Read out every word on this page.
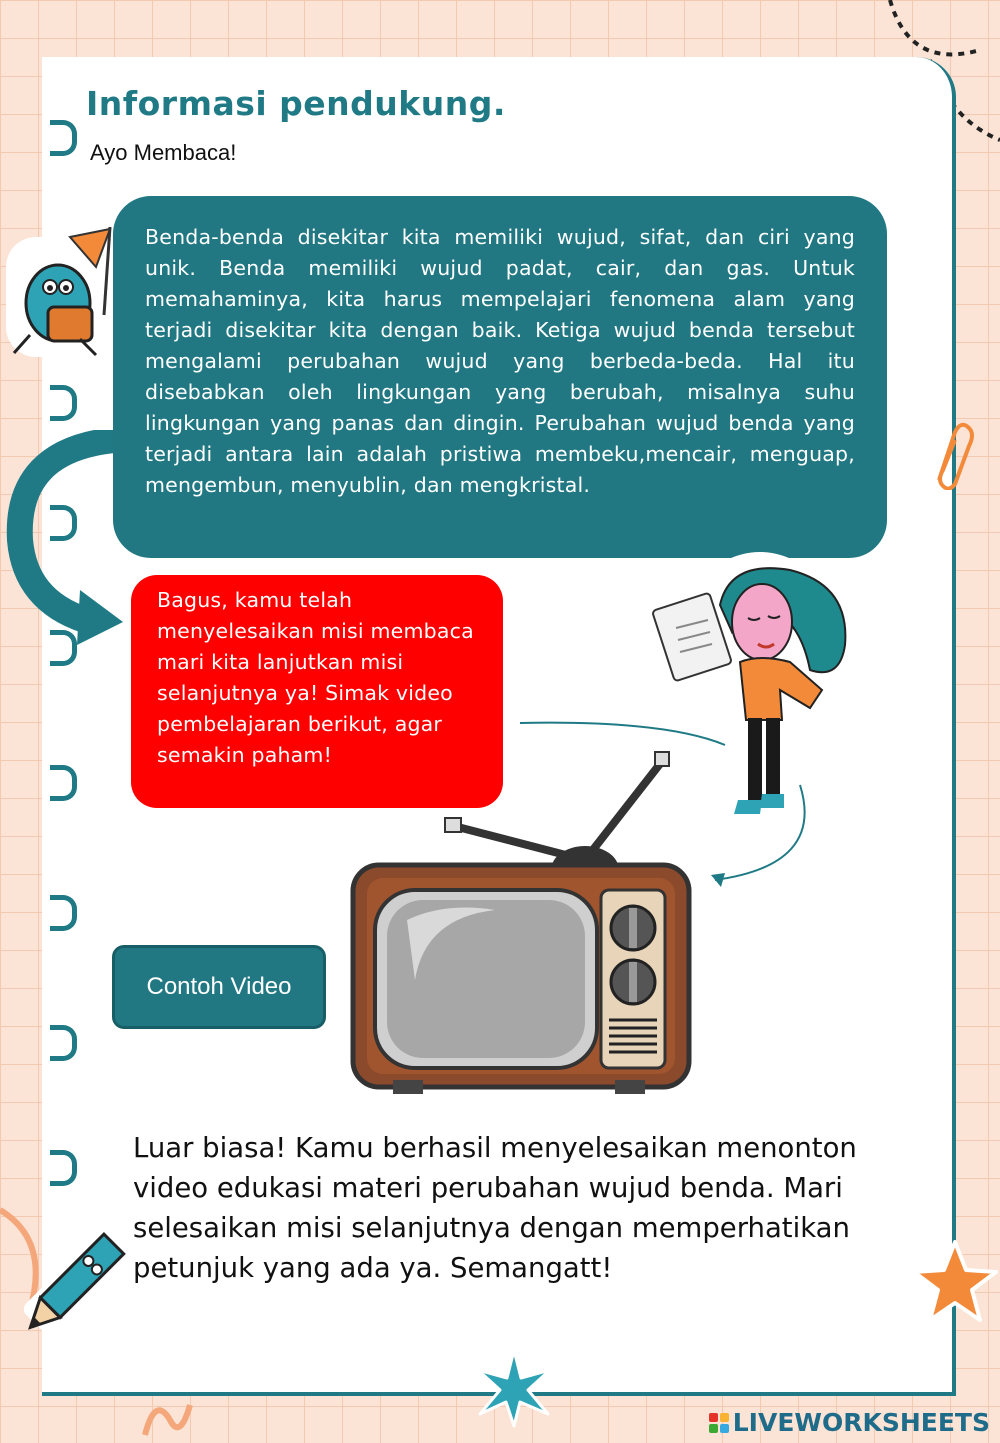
Informasi pendukung.
Ayo Membaca!

Benda-benda disekitar kita memiliki wujud, sifat, dan ciri yang unik. Benda memiliki wujud padat, cair, dan gas. Untuk memahaminya, kita harus mempelajari fenomena alam yang terjadi disekitar kita dengan baik. Ketiga wujud benda tersebut mengalami perubahan wujud yang berbeda-beda. Hal itu disebabkan oleh lingkungan yang berubah, misalnya suhu lingkungan yang panas dan dingin. Perubahan wujud benda yang terjadi antara lain adalah pristiwa membeku,mencair, menguap, mengembun, menyublin, dan mengkristal.

Bagus, kamu telah menyelesaikan misi membaca mari kita lanjutkan misi selanjutnya ya! Simak video pembelajaran berikut, agar semakin paham!

Contoh Video

Luar biasa! Kamu berhasil menyelesaikan menonton video edukasi materi perubahan wujud benda. Mari selesaikan misi selanjutnya dengan memperhatikan petunjuk yang ada ya. Semangatt!

LIVEWORKSHEETS
